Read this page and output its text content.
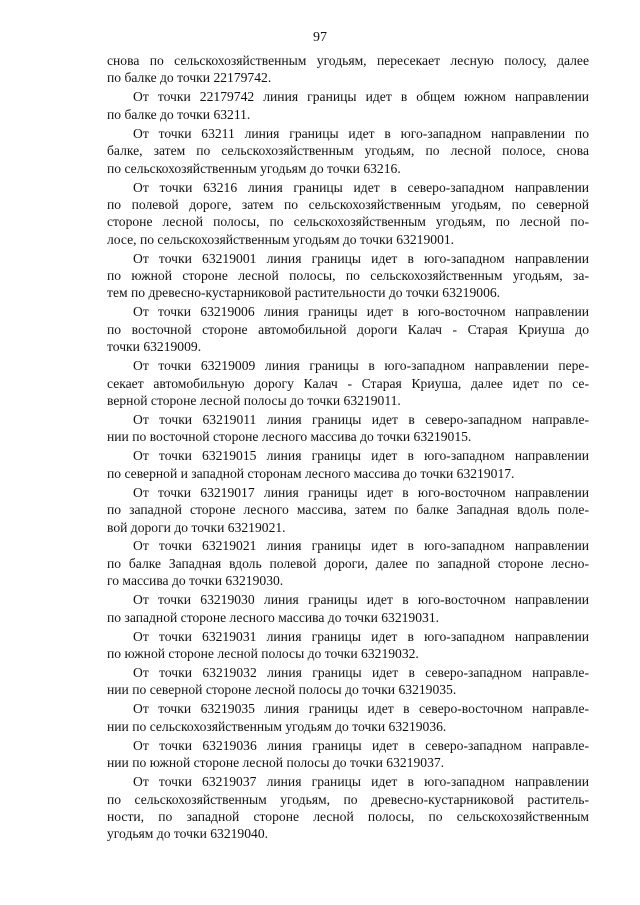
97
снова по сельскохозяйственным угодьям, пересекает лесную полосу, далее
по балке до точки 22179742.
От точки 22179742 линия границы идет в общем южном направлении
по балке до точки 63211.
От точки 63211 линия границы идет в юго-западном направлении по
балке, затем по сельскохозяйственным угодьям, по лесной полосе, снова
по сельскохозяйственным угодьям до точки 63216.
От точки 63216 линия границы идет в северо-западном направлении
по полевой дороге, затем по сельскохозяйственным угодьям, по северной
стороне лесной полосы, по сельскохозяйственным угодьям, по лесной по-
лосе, по сельскохозяйственным угодьям до точки 63219001.
От точки 63219001 линия границы идет в юго-западном направлении
по южной стороне лесной полосы, по сельскохозяйственным угодьям, за-
тем по древесно-кустарниковой растительности до точки 63219006.
От точки 63219006 линия границы идет в юго-восточном направлении
по восточной стороне автомобильной дороги Калач - Старая Криуша до
точки 63219009.
От точки 63219009 линия границы в юго-западном направлении пере-
секает автомобильную дорогу Калач - Старая Криуша, далее идет по се-
верной стороне лесной полосы до точки 63219011.
От точки 63219011 линия границы идет в северо-западном направле-
нии по восточной стороне лесного массива до точки 63219015.
От точки 63219015 линия границы идет в юго-западном направлении
по северной и западной сторонам лесного массива до точки 63219017.
От точки 63219017 линия границы идет в юго-восточном направлении
по западной стороне лесного массива, затем по балке Западная вдоль поле-
вой дороги до точки 63219021.
От точки 63219021 линия границы идет в юго-западном направлении
по балке Западная вдоль полевой дороги, далее по западной стороне лесно-
го массива до точки 63219030.
От точки 63219030 линия границы идет в юго-восточном направлении
по западной стороне лесного массива до точки 63219031.
От точки 63219031 линия границы идет в юго-западном направлении
по южной стороне лесной полосы до точки 63219032.
От точки 63219032 линия границы идет в северо-западном направле-
нии по северной стороне лесной полосы до точки 63219035.
От точки 63219035 линия границы идет в северо-восточном направле-
нии по сельскохозяйственным угодьям до точки 63219036.
От точки 63219036 линия границы идет в северо-западном направле-
нии по южной стороне лесной полосы до точки 63219037.
От точки 63219037 линия границы идет в юго-западном направлении
по сельскохозяйственным угодьям, по древесно-кустарниковой раститель-
ности, по западной стороне лесной полосы, по сельскохозяйственным
угодьям до точки 63219040.
